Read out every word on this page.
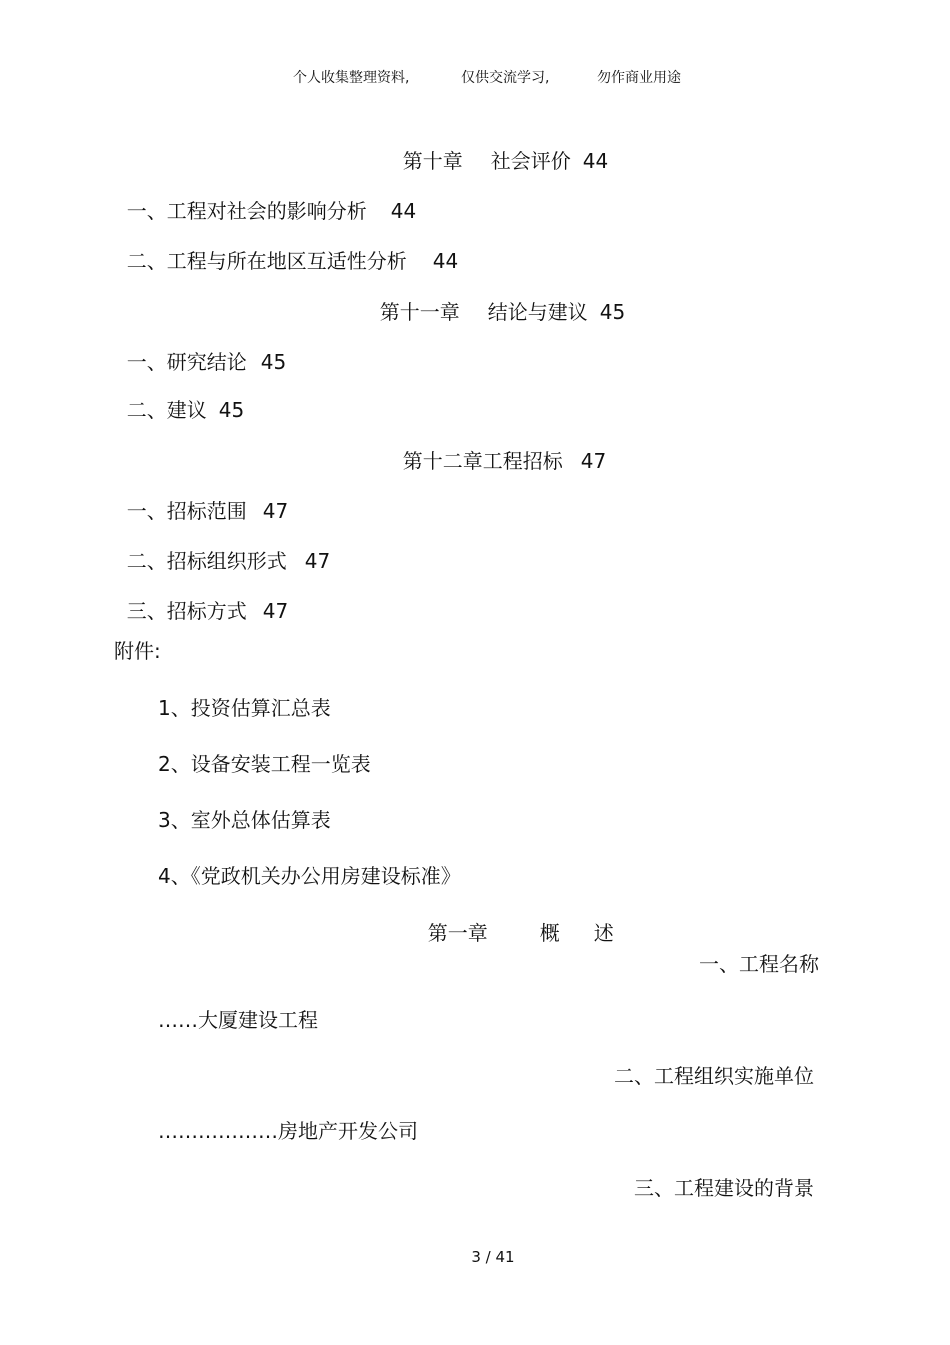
个人收集整理资料,	仅供交流学习,	勿作商业用途

第十章 社会评价 44

一、工程对社会的影响分析 44

二、工程与所在地区互适性分析 44

第十一章 结论与建议 45

一、研究结论 45

二、建议 45

第十二章工程招标 47

一、招标范围 47

二、招标组织形式 47

三、招标方式 47

附件:
1、投资估算汇总表
2、设备安装工程一览表
3、室外总体估算表
4、《党政机关办公用房建设标准》

第一章	概 述

一、工程名称
……大厦建设工程
二、工程组织实施单位
………………房地产开发公司
三、工程建设的背景
3 / 41
